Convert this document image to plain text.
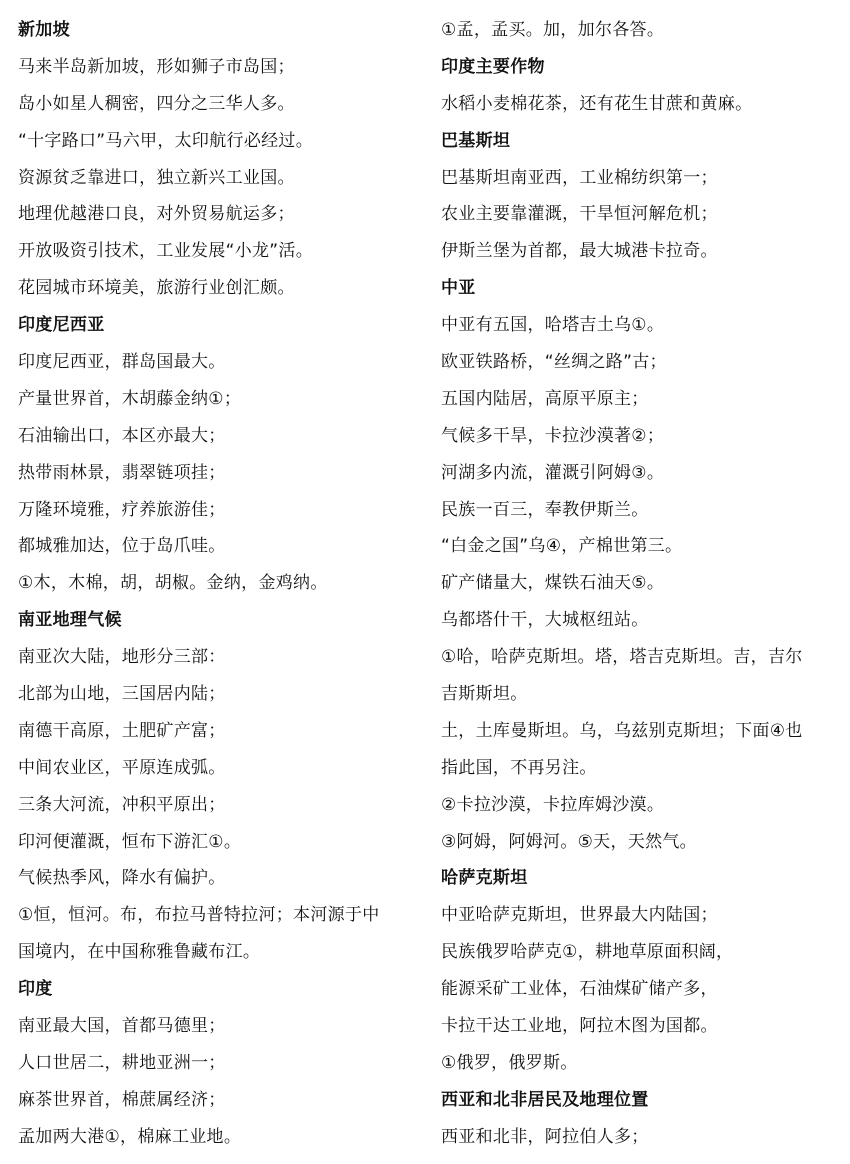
新加坡
马来半岛新加坡，形如狮子市岛国；
岛小如星人稠密，四分之三华人多。
“十字路口”马六甲，太印航行必经过。
资源贫乏靠进口，独立新兴工业国。
地理优越港口良，对外贸易航运多；
开放吸资引技术，工业发展“小龙”活。
花园城市环境美，旅游行业创汇颇。
印度尼西亚
印度尼西亚，群岛国最大。
产量世界首，木胡藤金纳①；
石油输出口，本区亦最大；
热带雨林景，翡翠链项挂；
万隆环境雅，疗养旅游佳；
都城雅加达，位于岛爪哇。
①木，木棉，胡，胡椒。金纳，金鸡纳。
南亚地理气候
南亚次大陆，地形分三部：
北部为山地，三国居内陆；
南德干高原，土肥矿产富；
中间农业区，平原连成弧。
三条大河流，冲积平原出；
印河便灌溉，恒布下游汇①。
气候热季风，降水有偏护。
①恒，恒河。布，布拉马普特拉河；本河源于中
国境内，在中国称雅鲁藏布江。
印度
南亚最大国，首都马德里；
人口世居二，耕地亚洲一；
麻茶世界首，棉蔗属经济；
孟加两大港①，棉麻工业地。
①孟，孟买。加，加尔各答。
印度主要作物
水稻小麦棉花茶，还有花生甘蔗和黄麻。
巴基斯坦
巴基斯坦南亚西，工业棉纺织第一；
农业主要靠灌溉，干旱恒河解危机；
伊斯兰堡为首都，最大城港卡拉奇。
中亚
中亚有五国，哈塔吉土乌①。
欧亚铁路桥，“丝绸之路”古；
五国内陆居，高原平原主；
气候多干旱，卡拉沙漠著②；
河湖多内流，灌溉引阿姆③。
民族一百三，奉教伊斯兰。
“白金之国”乌④，产棉世第三。
矿产储量大，煤铁石油天⑤。
乌都塔什干，大城枢纽站。
①哈，哈萨克斯坦。塔，塔吉克斯坦。吉，吉尔
吉斯斯坦。
土，土库曼斯坦。乌，乌兹别克斯坦；下面④也
指此国，不再另注。
②卡拉沙漠，卡拉库姆沙漠。
③阿姆，阿姆河。⑤天，天然气。
哈萨克斯坦
中亚哈萨克斯坦，世界最大内陆国；
民族俄罗哈萨克①，耕地草原面积阔，
能源采矿工业体，石油煤矿储产多，
卡拉干达工业地，阿拉木图为国都。
①俄罗，俄罗斯。
西亚和北非居民及地理位置
西亚和北非，阿拉伯人多；
